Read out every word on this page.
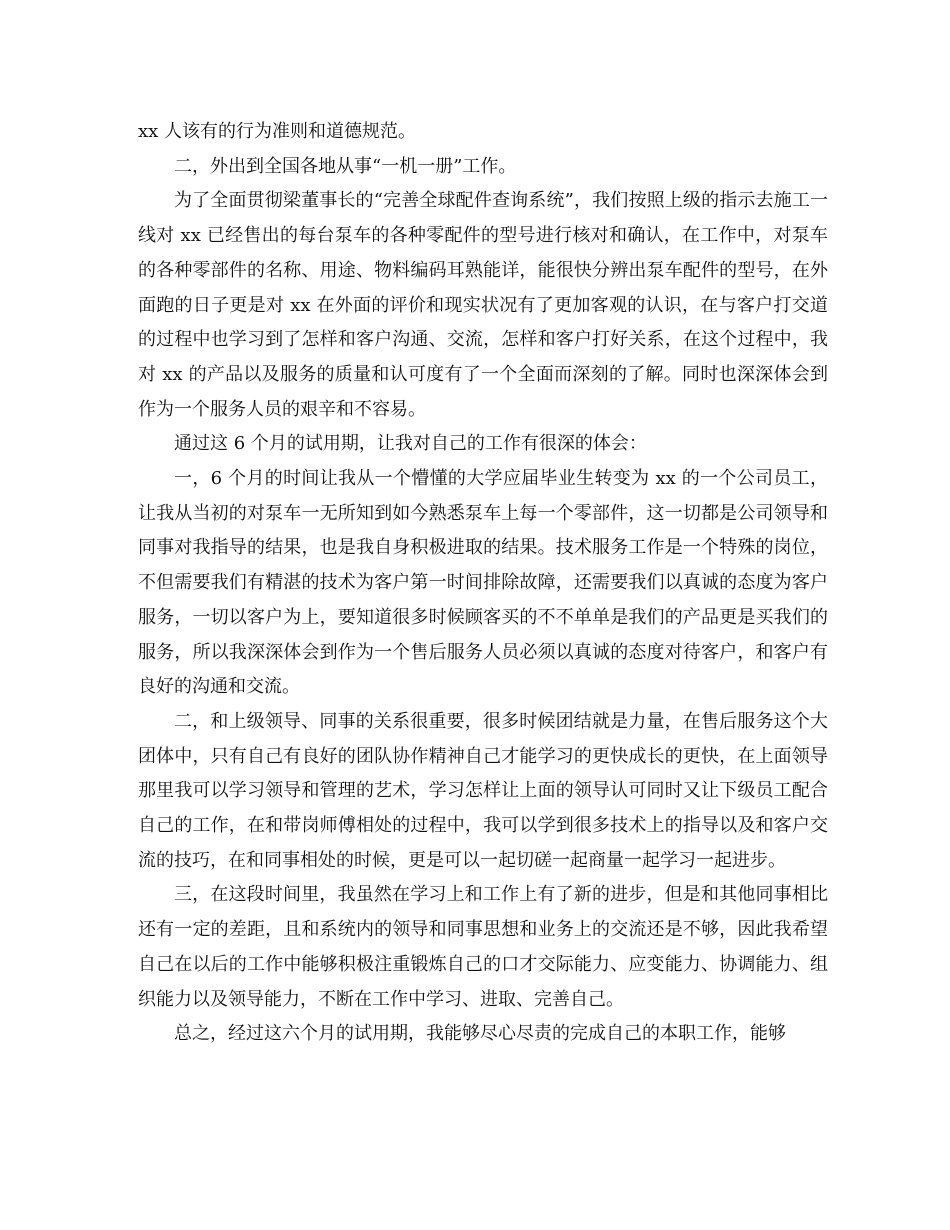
xx 人该有的行为准则和道德规范。

二，外出到全国各地从事“一机一册”工作。

为了全面贯彻梁董事长的“完善全球配件查询系统”，我们按照上级的指示去施工一线对 xx 已经售出的每台泵车的各种零配件的型号进行核对和确认，在工作中，对泵车的各种零部件的名称、用途、物料编码耳熟能详，能很快分辨出泵车配件的型号，在外面跑的日子更是对 xx 在外面的评价和现实状况有了更加客观的认识，在与客户打交道的过程中也学习到了怎样和客户沟通、交流，怎样和客户打好关系，在这个过程中，我对 xx 的产品以及服务的质量和认可度有了一个全面而深刻的了解。同时也深深体会到作为一个服务人员的艰辛和不容易。

通过这 6 个月的试用期，让我对自己的工作有很深的体会：

一，6 个月的时间让我从一个懵懂的大学应届毕业生转变为 xx 的一个公司员工，让我从当初的对泵车一无所知到如今熟悉泵车上每一个零部件，这一切都是公司领导和同事对我指导的结果，也是我自身积极进取的结果。技术服务工作是一个特殊的岗位，不但需要我们有精湛的技术为客户第一时间排除故障，还需要我们以真诚的态度为客户服务，一切以客户为上，要知道很多时候顾客买的不不单单是我们的产品更是买我们的服务，所以我深深体会到作为一个售后服务人员必须以真诚的态度对待客户，和客户有良好的沟通和交流。

二，和上级领导、同事的关系很重要，很多时候团结就是力量，在售后服务这个大团体中，只有自己有良好的团队协作精神自己才能学习的更快成长的更快，在上面领导那里我可以学习领导和管理的艺术，学习怎样让上面的领导认可同时又让下级员工配合自己的工作，在和带岗师傅相处的过程中，我可以学到很多技术上的指导以及和客户交流的技巧，在和同事相处的时候，更是可以一起切磋一起商量一起学习一起进步。

三，在这段时间里，我虽然在学习上和工作上有了新的进步，但是和其他同事相比还有一定的差距，且和系统内的领导和同事思想和业务上的交流还是不够，因此我希望自己在以后的工作中能够积极注重锻炼自己的口才交际能力、应变能力、协调能力、组织能力以及领导能力，不断在工作中学习、进取、完善自己。

总之，经过这六个月的试用期，我能够尽心尽责的完成自己的本职工作，能够
